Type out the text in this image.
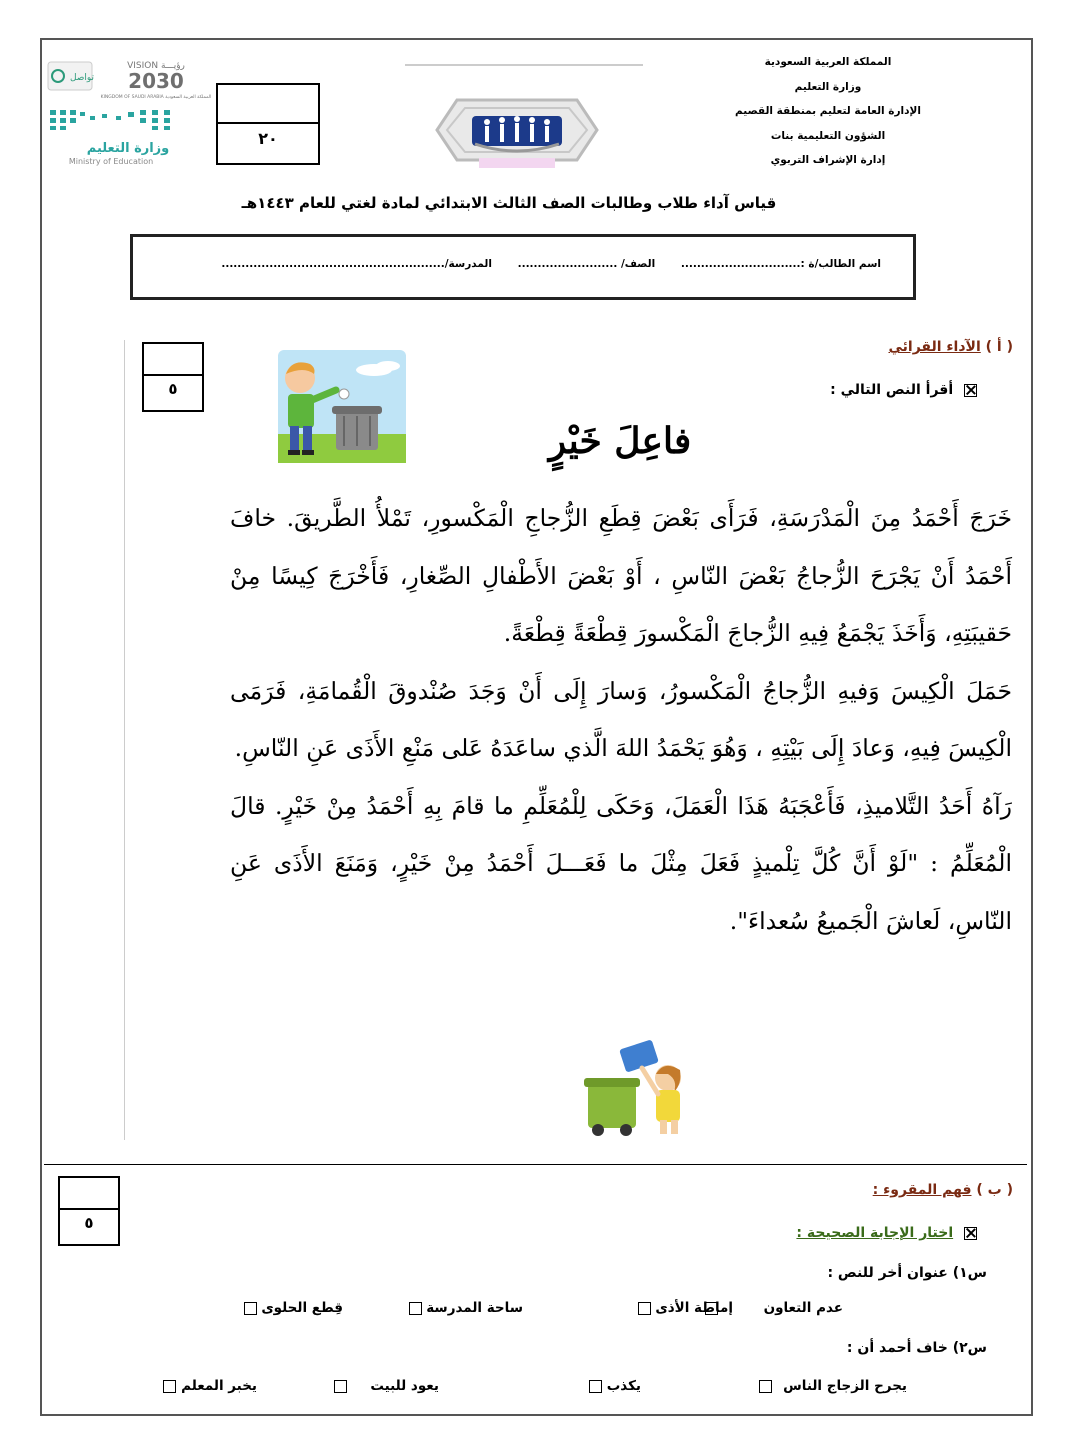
المملكة العربية السعودية
وزارة التعليم
الإدارة العامة لتعليم بمنطقة القصيم
الشؤون التعليمية بنات
إدارة الإشراف التربوي
٢٠
تواصل
رؤيـــة VISION
2030
المملكة العربية السعودية KINGDOM OF SAUDI ARABIA
وزارة التعليم
Ministry of Education
قياس آداء طلاب وطالبات الصف الثالث الابتدائي لمادة لغتي للعام ١٤٤٣هـ
اسم الطالب/ة :.............................. الصف/ ......................... المدرسة/........................................................
٥
( أ ) الآداء القرائي
أقرأ النص التالي :
فاعِلَ خَيْرٍ

خَرَجَ أَحْمَدُ مِنَ الْمَدْرَسَةِ، فَرَأَى بَعْضَ قِطَعِ الزُّجاجِ الْمَكْسورِ، تَمْلأُ الطَّريقَ. خافَ أَحْمَدُ أَنْ يَجْرَحَ الزُّجاجُ بَعْضَ النّاسِ ، أَوْ بَعْضَ الأَطْفالِ الصِّغارِ، فَأَخْرَجَ كِيسًا مِنْ حَقيبَتِهِ، وَأَخَذَ يَجْمَعُ فِيهِ الزُّجاجَ الْمَكْسورَ قِطْعَةً قِطْعَةً.

حَمَلَ الْكِيسَ وَفيهِ الزُّجاجُ الْمَكْسورُ، وَسارَ إِلَى أَنْ وَجَدَ صُنْدوقَ الْقُمامَةِ، فَرَمَى الْكِيسَ فِيهِ، وَعادَ إِلَى بَيْتِهِ ، وَهُوَ يَحْمَدُ اللهَ الَّذي ساعَدَهُ عَلى مَنْعِ الأَذَى عَنِ النّاسِ.

رَآهُ أَحَدُ التَّلاميذِ، فَأَعْجَبَهُ هَذَا الْعَمَلَ، وَحَكَى لِلْمُعَلِّمِ ما قامَ بِهِ أَحْمَدُ مِنْ خَيْرٍ. قالَ الْمُعَلِّمُ : "لَوْ أَنَّ كُلَّ تِلْميذٍ فَعَلَ مِثْلَ ما فَعَـــلَ أَحْمَدُ مِنْ خَيْرٍ، وَمَنَعَ الأَذَى عَنِ النّاسِ، لَعاشَ الْجَميعُ سُعداءَ".

٥
( ب ) فهم المقروء :
اختار الإجابة الصحيحة :
س١) عنوان أخر للنص :
عدم التعاون
إماطة الأذى
ساحة المدرسة
قِطع الحلوى
س٢) خاف أحمد أن :
يجرح الزجاج الناس
يكذب
يعود للبيت
يخبر المعلم
